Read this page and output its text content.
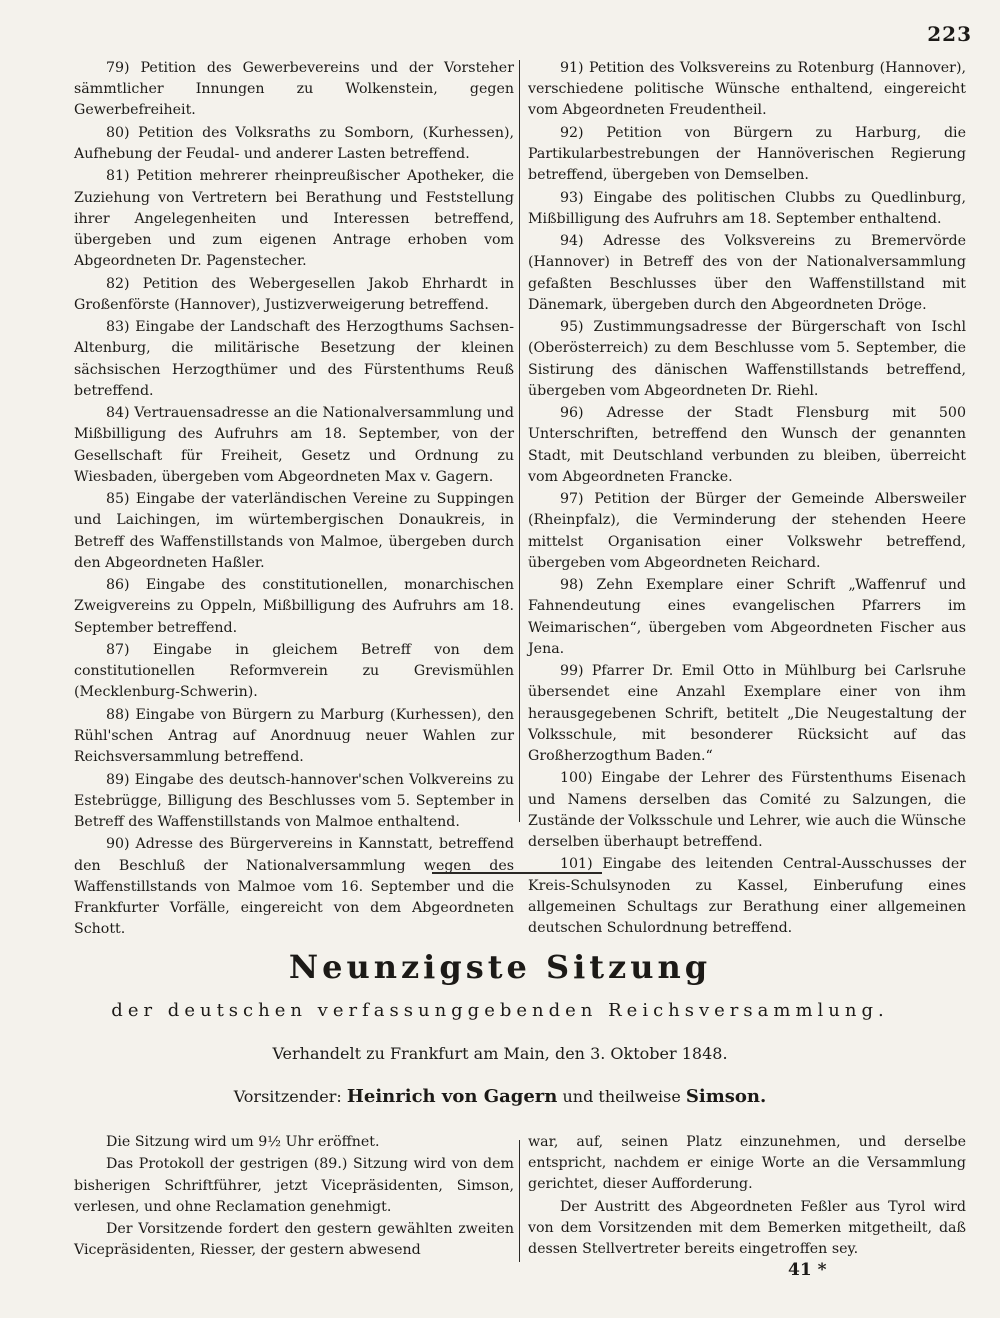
223

79) Petition des Gewerbevereins und der Vorsteher sämmtlicher Innungen zu Wolkenstein, gegen Gewerbefreiheit.

80) Petition des Volksraths zu Somborn, (Kurhessen), Aufhebung der Feudal- und anderer Lasten betreffend.

81) Petition mehrerer rheinpreußischer Apotheker, die Zuziehung von Vertretern bei Berathung und Feststellung ihrer Angelegenheiten und Interessen betreffend, übergeben und zum eigenen Antrage erhoben vom Abgeordneten Dr. Pagenstecher.

82) Petition des Webergesellen Jakob Ehrhardt in Großenförste (Hannover), Justizverweigerung betreffend.

83) Eingabe der Landschaft des Herzogthums Sachsen-Altenburg, die militärische Besetzung der kleinen sächsischen Herzogthümer und des Fürstenthums Reuß betreffend.

84) Vertrauensadresse an die Nationalversammlung und Mißbilligung des Aufruhrs am 18. September, von der Gesellschaft für Freiheit, Gesetz und Ordnung zu Wiesbaden, übergeben vom Abgeordneten Max v. Gagern.

85) Eingabe der vaterländischen Vereine zu Suppingen und Laichingen, im würtembergischen Donaukreis, in Betreff des Waffenstillstands von Malmoe, übergeben durch den Abgeordneten Haßler.

86) Eingabe des constitutionellen, monarchischen Zweigvereins zu Oppeln, Mißbilligung des Aufruhrs am 18. September betreffend.

87) Eingabe in gleichem Betreff von dem constitutionellen Reformverein zu Grevismühlen (Mecklenburg-Schwerin).

88) Eingabe von Bürgern zu Marburg (Kurhessen), den Rühl'schen Antrag auf Anordnuug neuer Wahlen zur Reichsversammlung betreffend.

89) Eingabe des deutsch-hannover'schen Volkvereins zu Estebrügge, Billigung des Beschlusses vom 5. September in Betreff des Waffenstillstands von Malmoe enthaltend.

90) Adresse des Bürgervereins in Kannstatt, betreffend den Beschluß der Nationalversammlung wegen des Waffenstillstands von Malmoe vom 16. September und die Frankfurter Vorfälle, eingereicht von dem Abgeordneten Schott.

91) Petition des Volksvereins zu Rotenburg (Hannover), verschiedene politische Wünsche enthaltend, eingereicht vom Abgeordneten Freudentheil.

92) Petition von Bürgern zu Harburg, die Partikularbestrebungen der Hannöverischen Regierung betreffend, übergeben von Demselben.

93) Eingabe des politischen Clubbs zu Quedlinburg, Mißbilligung des Aufruhrs am 18. September enthaltend.

94) Adresse des Volksvereins zu Bremervörde (Hannover) in Betreff des von der Nationalversammlung gefaßten Beschlusses über den Waffenstillstand mit Dänemark, übergeben durch den Abgeordneten Dröge.

95) Zustimmungsadresse der Bürgerschaft von Ischl (Oberösterreich) zu dem Beschlusse vom 5. September, die Sistirung des dänischen Waffenstillstands betreffend, übergeben vom Abgeordneten Dr. Riehl.

96) Adresse der Stadt Flensburg mit 500 Unterschriften, betreffend den Wunsch der genannten Stadt, mit Deutschland verbunden zu bleiben, überreicht vom Abgeordneten Francke.

97) Petition der Bürger der Gemeinde Albersweiler (Rheinpfalz), die Verminderung der stehenden Heere mittelst Organisation einer Volkswehr betreffend, übergeben vom Abgeordneten Reichard.

98) Zehn Exemplare einer Schrift „Waffenruf und Fahnendeutung eines evangelischen Pfarrers im Weimarischen“, übergeben vom Abgeordneten Fischer aus Jena.

99) Pfarrer Dr. Emil Otto in Mühlburg bei Carlsruhe übersendet eine Anzahl Exemplare einer von ihm herausgegebenen Schrift, betitelt „Die Neugestaltung der Volksschule, mit besonderer Rücksicht auf das Großherzogthum Baden.“

100) Eingabe der Lehrer des Fürstenthums Eisenach und Namens derselben das Comité zu Salzungen, die Zustände der Volksschule und Lehrer, wie auch die Wünsche derselben überhaupt betreffend.

101) Eingabe des leitenden Central-Ausschusses der Kreis-Schulsynoden zu Kassel, Einberufung eines allgemeinen Schultags zur Berathung einer allgemeinen deutschen Schulordnung betreffend.

Neunzigste Sitzung
der deutschen verfassunggebenden Reichsversammlung.
Verhandelt zu Frankfurt am Main, den 3. Oktober 1848.
Vorsitzender: Heinrich von Gagern und theilweise Simson.

Die Sitzung wird um 9½ Uhr eröffnet.

Das Protokoll der gestrigen (89.) Sitzung wird von dem bisherigen Schriftführer, jetzt Vicepräsidenten, Simson, verlesen, und ohne Reclamation genehmigt.

Der Vorsitzende fordert den gestern gewählten zweiten Vicepräsidenten, Riesser, der gestern abwesend

war, auf, seinen Platz einzunehmen, und derselbe entspricht, nachdem er einige Worte an die Versammlung gerichtet, dieser Aufforderung.

Der Austritt des Abgeordneten Feßler aus Tyrol wird von dem Vorsitzenden mit dem Bemerken mitgetheilt, daß dessen Stellvertreter bereits eingetroffen sey.

41 *
